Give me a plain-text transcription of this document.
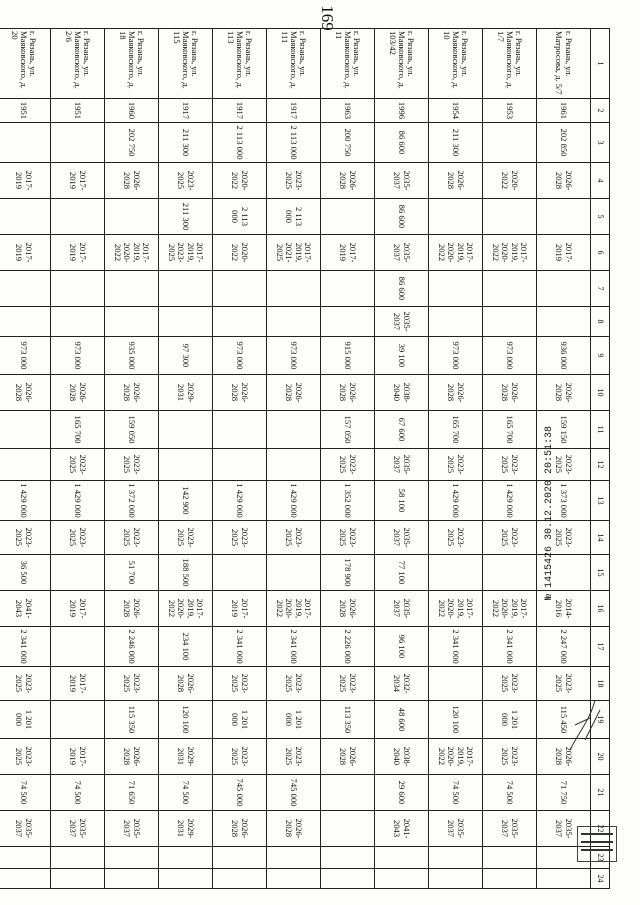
169
1	2	3	4	5	6	7	8	9	10	11	12	13	14	15	16	17	18	19	20	21	22	23	24
г. Рязань, ул. Матросова, д. 5/7	1961	202 850	2026-2028		2017-2019			936 000	2026-2028	159 150	2023-2025	1 373 000	2023-2025		2014-2016	2 247 000	2023-2025	115 450	2026-2028	71 750	2035-2037		
г. Рязань, ул. Маяковского, д. 1/7	1953		2020-2022		2017-2019, 2020-2022			973 000	2026-2028	165 700	2023-2025	1 429 000	2023-2025		2017-2019, 2020-2022	2 341 000	2023-2025	1 201 000	2023-2025	74 500	2035-2037		
г. Рязань, ул. Маяковского, д. 10	1954	211 300	2026-2028		2017-2019, 2020-2022			973 000	2026-2028	165 700	2023-2025	1 429 000	2023-2025		2017-2019, 2020-2022	2 341 000		120 100	2017-2019, 2020-2022	74 500	2035-2037		
г. Рязань, ул. Маяковского, д. 103/42	1996	86 600	2035-2037	86 600	2035-2037	86 600	2035-2037	39 100	2038-2040	67 600	2035-2037	58 100	2035-2037	77 100	2035-2037	96 100	2032-2034	48 600	2038-2040	29 600	2041-2043		
г. Рязань, ул. Маяковского, д. 11	1963	200 750	2026-2028		2017-2019			915 000	2026-2028	157 050	2023-2025	1 352 000	2023-2025	178 900	2026-2028	2 226 000	2023-2025	113 350	2026-2028				
г. Рязань, ул. Маяковского, д. 111	1917	2 113 000	2023-2025	2 113 000	2017-2019, 2021-2025			973 000	2026-2028			1 429 000	2023-2025		2017-2019, 2020-2022	2 341 000	2023-2025	1 201 000	2023-2025	745 000	2026-2028		
г. Рязань, ул. Маяковского, д. 113	1917	2 113 000	2020-2022	2 113 000	2020-2022			973 000	2026-2028			1 429 000	2023-2025		2017-2019	2 341 000	2023-2025	1 201 000	2023-2025	745 000	2026-2028		
г. Рязань, ул. Маяковского, д. 115	1917	211 300	2023-2025	211 300	2017-2019, 2023-2025			97 300	2029-2031			142 900	2023-2025	188 500	2017-2019, 2020-2022	234 100	2026-2028	120 100	2029-2031	74 500	2029-2031		
г. Рязань, ул. Маяковского, д. 18	1960	202 750	2026-2028		2017-2019, 2020-2022			935 000	2026-2028	159 050	2023-2025	1 372 000	2023-2025	51 700	2026-2028	2 246 000	2023-2025	115 350	2026-2028	71 650	2035-2037		
г. Рязань, ул. Маяковского, д. 2/6	1951		2017-2019		2017-2019			973 000	2026-2028	165 700	2023-2025	1 429 000	2023-2025		2017-2019		2017-2019		2017-2019	74 500	2035-2037		
г. Рязань, ул. Маяковского, д. 20	1951		2017-2019		2017-2019			973 000	2026-2028			1 429 000	2023-2025	36 500	2041-2043	2 341 000	2023-2025	1 201 000	2023-2025	74 500	2035-2037		

№ 1415426 30.12.2020 20:51:38
